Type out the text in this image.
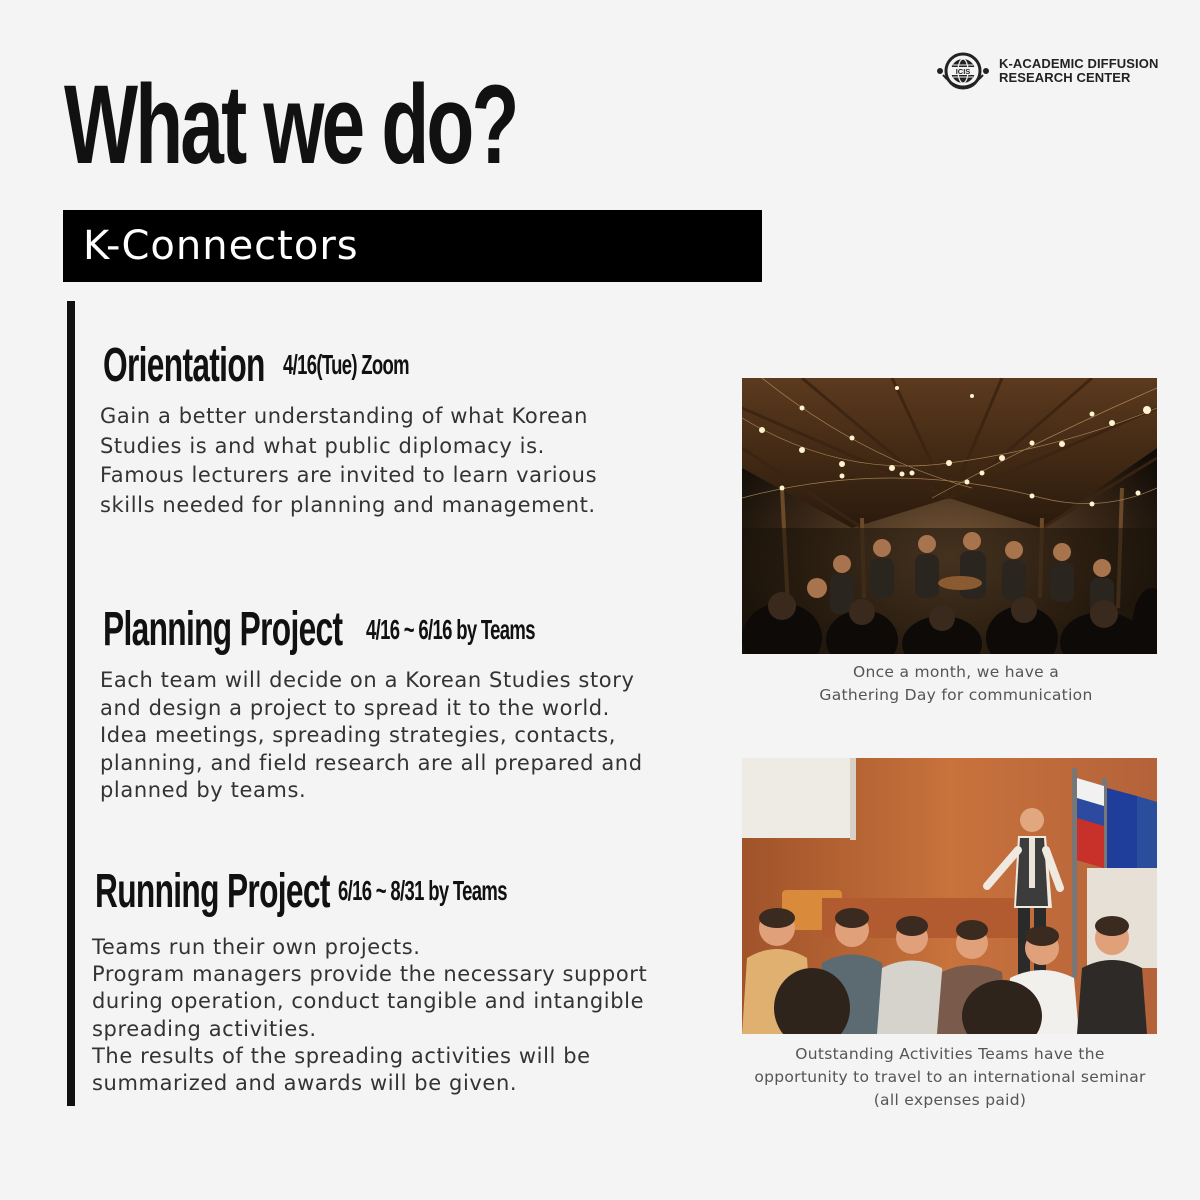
ICIS
K-ACADEMIC DIFFUSION
RESEARCH CENTER
What we do?
K-Connectors
Orientation 4/16(Tue) Zoom
Gain a better understanding of what Korean
Studies is and what public diplomacy is.
Famous lecturers are invited to learn various
skills needed for planning and management.
Planning Project 4/16 ~ 6/16 by Teams
Each team will decide on a Korean Studies story
and design a project to spread it to the world.
Idea meetings, spreading strategies, contacts,
planning, and field research are all prepared and
planned by teams.
Running Project 6/16 ~ 8/31 by Teams
Teams run their own projects.
Program managers provide the necessary support
during operation, conduct tangible and intangible
spreading activities.
The results of the spreading activities will be
summarized and awards will be given.
Once a month, we have a
Gathering Day for communication
Outstanding Activities Teams have the
opportunity to travel to an international seminar
(all expenses paid)
